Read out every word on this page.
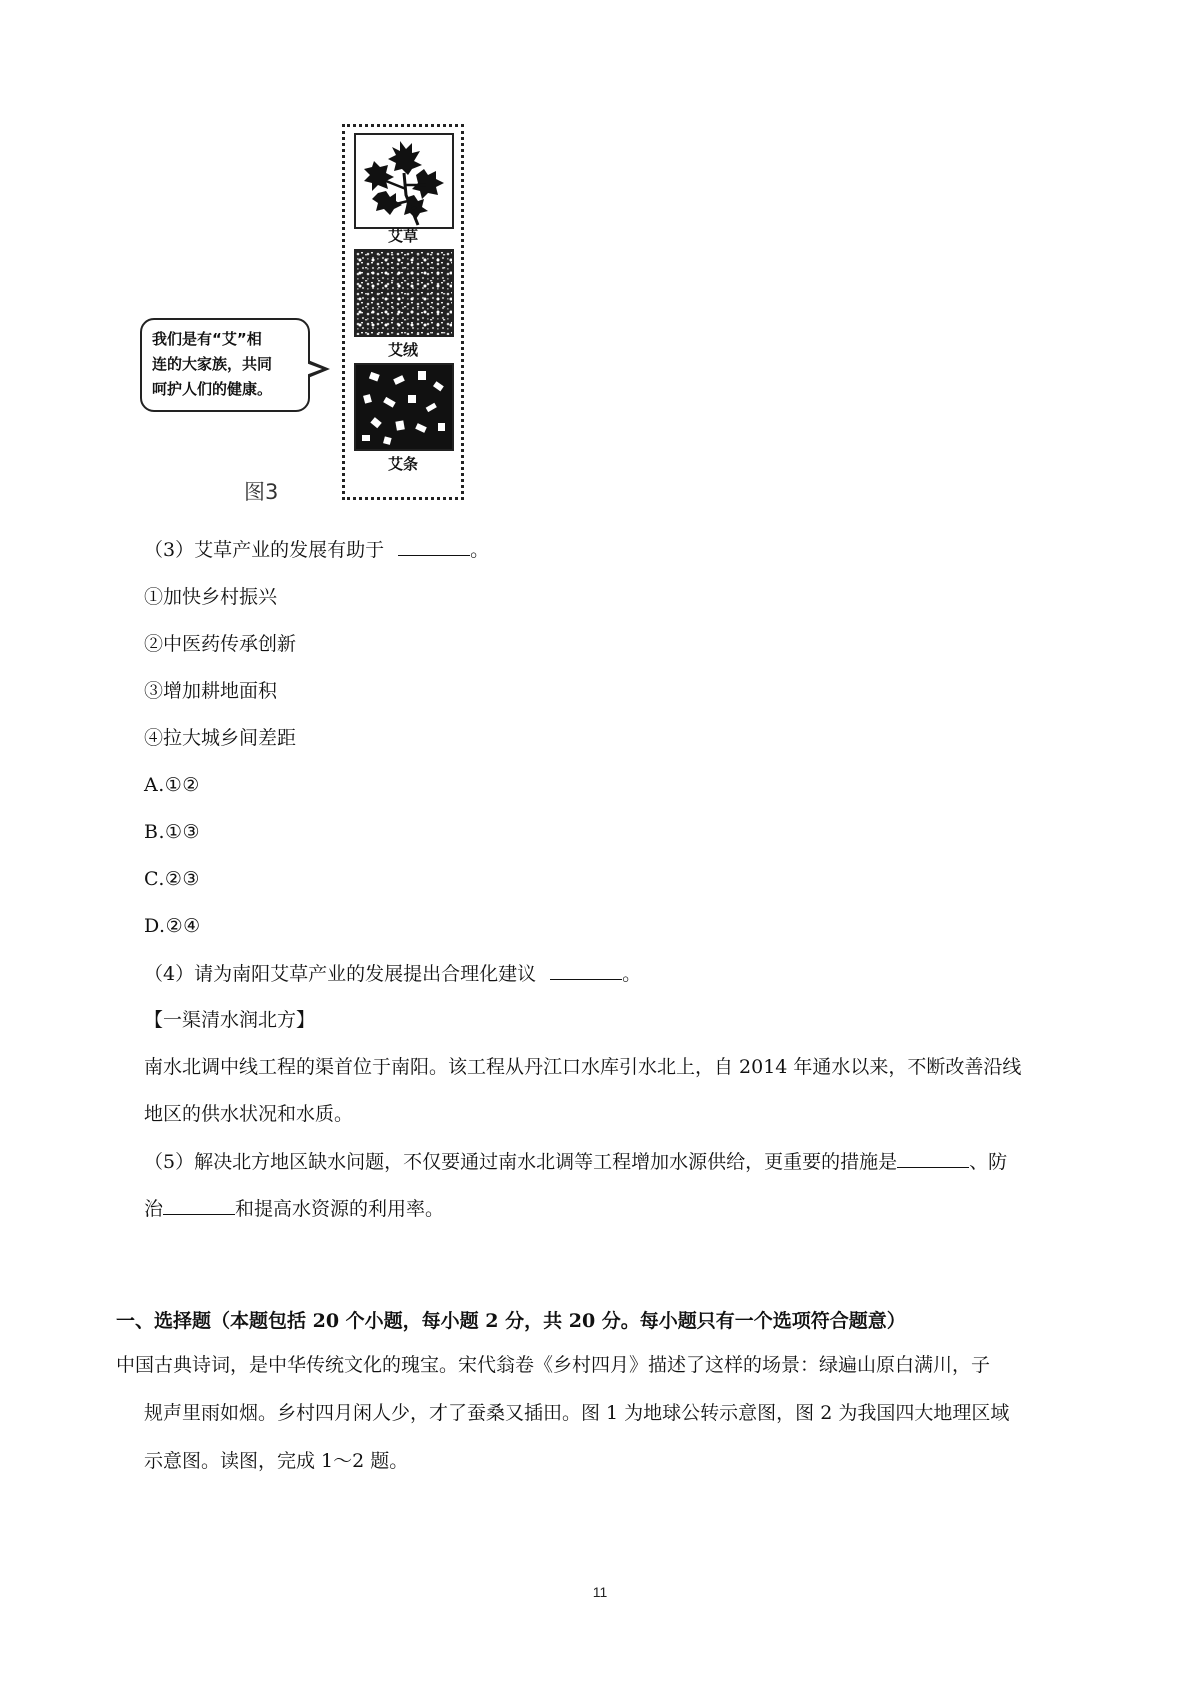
艾草
艾绒
艾条
我们是有“艾”相
连的大家族，共同
呵护人们的健康。
图3
（3）艾草产业的发展有助于	。
①加快乡村振兴
②中医药传承创新
③增加耕地面积
④拉大城乡间差距
A.①②
B.①③
C.②③
D.②④
（4）请为南阳艾草产业的发展提出合理化建议	。
【一渠清水润北方】
南水北调中线工程的渠首位于南阳。该工程从丹江口水库引水北上，自 2014 年通水以来，不断改善沿线
地区的供水状况和水质。
（5）解决北方地区缺水问题，不仅要通过南水北调等工程增加水源供给，更重要的措施是	、防
治	和提高水资源的利用率。
一、选择题（本题包括 20 个小题，每小题 2 分，共 20 分。每小题只有一个选项符合题意）
中国古典诗词，是中华传统文化的瑰宝。宋代翁卷《乡村四月》描述了这样的场景：绿遍山原白满川，子
规声里雨如烟。乡村四月闲人少，才了蚕桑又插田。图 1 为地球公转示意图，图 2 为我国四大地理区域
示意图。读图，完成 1～2 题。
11
